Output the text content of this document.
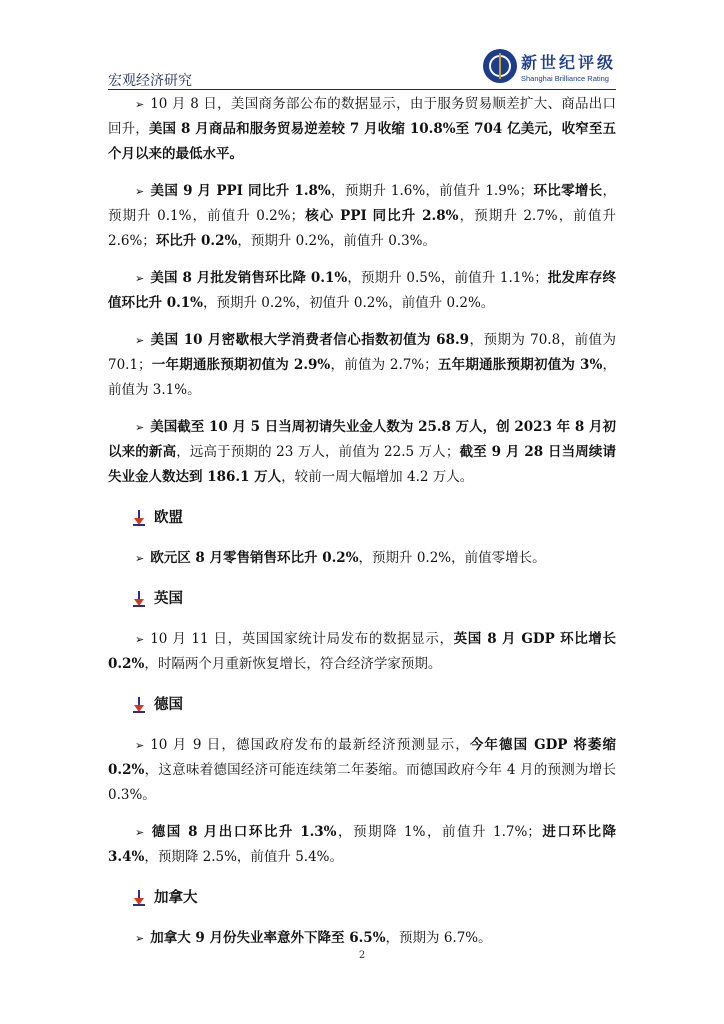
宏观经济研究
新世纪评级
Shanghai Brilliance Rating

➢ 10 月 8 日，美国商务部公布的数据显示，由于服务贸易顺差扩大、商品出口回升，美国 8 月商品和服务贸易逆差较 7 月收缩 10.8%至 704 亿美元，收窄至五个月以来的最低水平。

➢ 美国 9 月 PPI 同比升 1.8%，预期升 1.6%，前值升 1.9%；环比零增长，预期升 0.1%，前值升 0.2%；核心 PPI 同比升 2.8%，预期升 2.7%，前值升 2.6%；环比升 0.2%，预期升 0.2%，前值升 0.3%。

➢ 美国 8 月批发销售环比降 0.1%，预期升 0.5%，前值升 1.1%；批发库存终值环比升 0.1%，预期升 0.2%，初值升 0.2%，前值升 0.2%。

➢ 美国 10 月密歇根大学消费者信心指数初值为 68.9，预期为 70.8，前值为 70.1；一年期通胀预期初值为 2.9%，前值为 2.7%；五年期通胀预期初值为 3%，前值为 3.1%。

➢ 美国截至 10 月 5 日当周初请失业金人数为 25.8 万人，创 2023 年 8 月初以来的新高，远高于预期的 23 万人，前值为 22.5 万人；截至 9 月 28 日当周续请失业金人数达到 186.1 万人，较前一周大幅增加 4.2 万人。

欧盟

➢ 欧元区 8 月零售销售环比升 0.2%，预期升 0.2%，前值零增长。

英国

➢ 10 月 11 日，英国国家统计局发布的数据显示，英国 8 月 GDP 环比增长 0.2%，时隔两个月重新恢复增长，符合经济学家预期。

德国

➢ 10 月 9 日，德国政府发布的最新经济预测显示，今年德国 GDP 将萎缩 0.2%，这意味着德国经济可能连续第二年萎缩。而德国政府今年 4 月的预测为增长 0.3%。

➢ 德国 8 月出口环比升 1.3%，预期降 1%，前值升 1.7%；进口环比降 3.4%，预期降 2.5%，前值升 5.4%。

加拿大

➢ 加拿大 9 月份失业率意外下降至 6.5%，预期为 6.7%。

2
